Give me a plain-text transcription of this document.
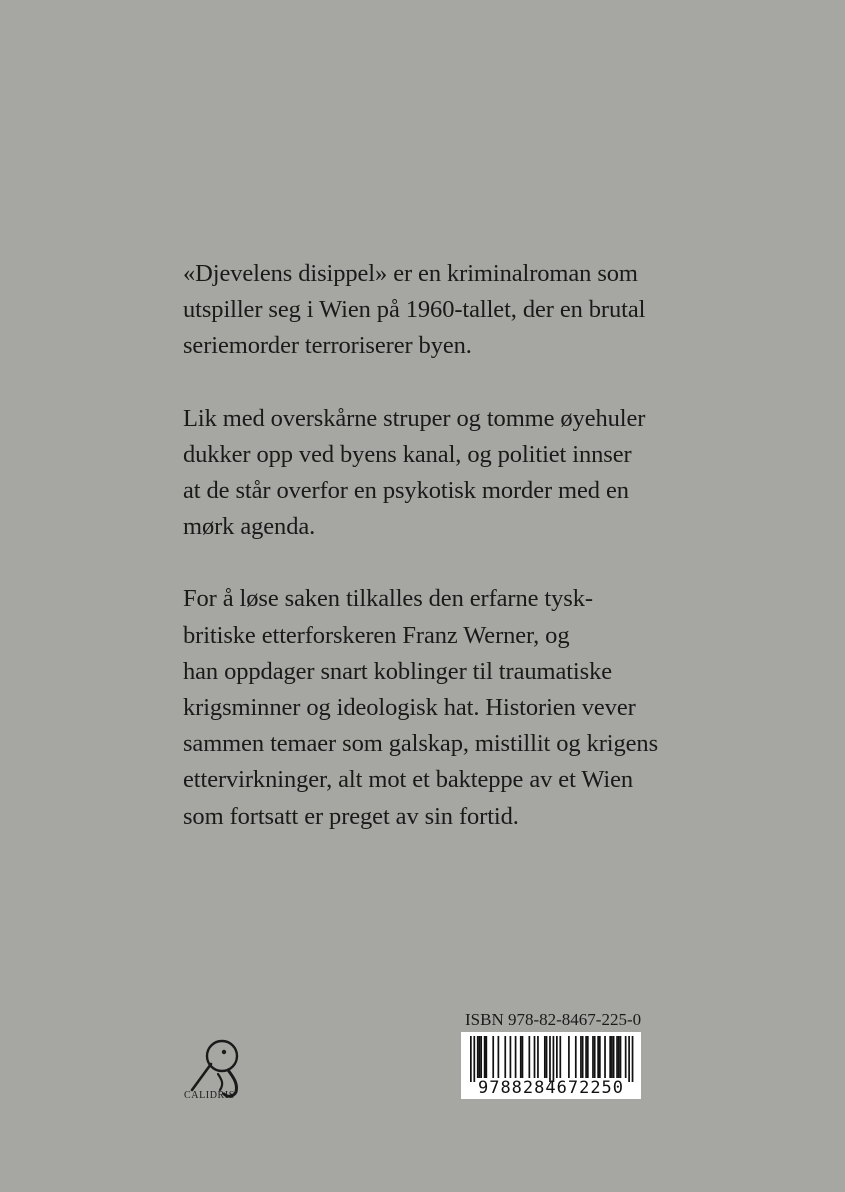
«Djevelens disippel» er en kriminalroman som
utspiller seg i Wien på 1960-tallet, der en brutal
seriemorder terroriserer byen.

Lik med overskårne struper og tomme øyehuler
dukker opp ved byens kanal, og politiet innser
at de står overfor en psykotisk morder med en
mørk agenda.

For å løse saken tilkalles den erfarne tysk-
britiske etterforskeren Franz Werner, og
han oppdager snart koblinger til traumatiske
krigsminner og ideologisk hat. Historien vever
sammen temaer som galskap, mistillit og krigens
ettervirkninger, alt mot et bakteppe av et Wien
som fortsatt er preget av sin fortid.

ISBN 978-82-8467-225-0
9788284672250
CALIDRIS
